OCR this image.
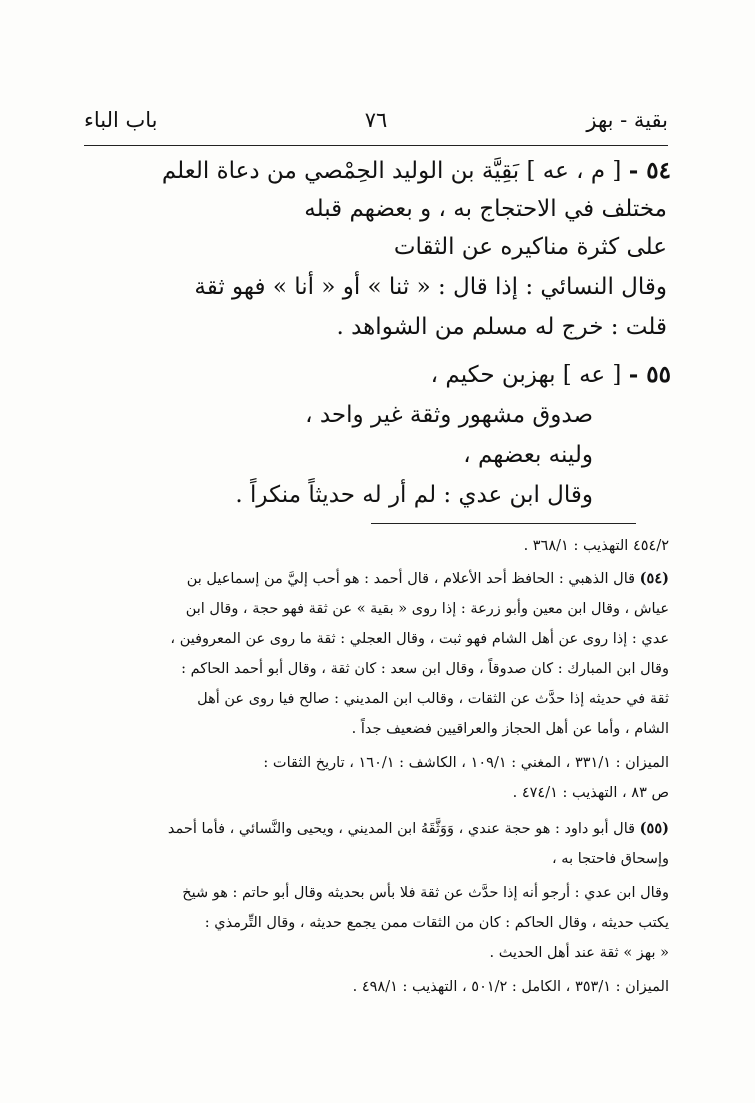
بقية - بهز
٧٦
باب الباء
٥٤ - [ م ، عه ] بَقِيَّة بن الوليد الحِمْصي من دعاة العلم
مختلف في الاحتجاج به ، و بعضهم قبله
على كثرة مناكيره عن الثقات
وقال النسائي : إذا قال : « ثنا » أو « أنا » فهو ثقة
قلت : خرج له مسلم من الشواهد .
٥٥ - [ عه ] بهزبن حكيم ،
صدوق مشهور وثقة غير واحد ،
ولينه بعضهم ،
وقال ابن عدي : لم أر له حديثاً منكراً .
٤٥٤/٢ التهذيب : ٣٦٨/١ .
(٥٤) قال الذهبي : الحافظ أحد الأعلام ، قال أحمد : هو أحب إليَّ من إسماعيل بن
عياش ، وقال ابن معين وأبو زرعة : إذا روى « بقية » عن ثقة فهو حجة ، وقال ابن
عدي : إذا روى عن أهل الشام فهو ثبت ، وقال العجلي : ثقة ما روى عن المعروفين ،
وقال ابن المبارك : كان صدوقاً ، وقال ابن سعد : كان ثقة ، وقال أبو أحمد الحاكم :
ثقة في حديثه إذا حدَّث عن الثقات ، وقالب ابن المديني : صالح فيا روى عن أهل
الشام ، وأما عن أهل الحجاز والعراقيين فضعيف جداً .
الميزان : ٣٣١/١ ، المغني : ١٠٩/١ ، الكاشف : ١٦٠/١ ، تاريخ الثقات :
ص ٨٣ ، التهذيب : ٤٧٤/١ .
(٥٥) قال أبو داود : هو حجة عندي ، وَوَثَّقَهُ ابن المديني ، ويحيى والنَّسائي ، فأما أحمد
وإسحاق فاحتجا به ،
وقال ابن عدي : أرجو أنه إذا حدَّث عن ثقة فلا بأس بحديثه وقال أبو حاتم : هو شيخ
يكتب حديثه ، وقال الحاكم : كان من الثقات ممن يجمع حديثه ، وقال التِّرمذي :
« بهز » ثقة عند أهل الحديث .
الميزان : ٣٥٣/١ ، الكامل : ٥٠١/٢ ، التهذيب : ٤٩٨/١ .
